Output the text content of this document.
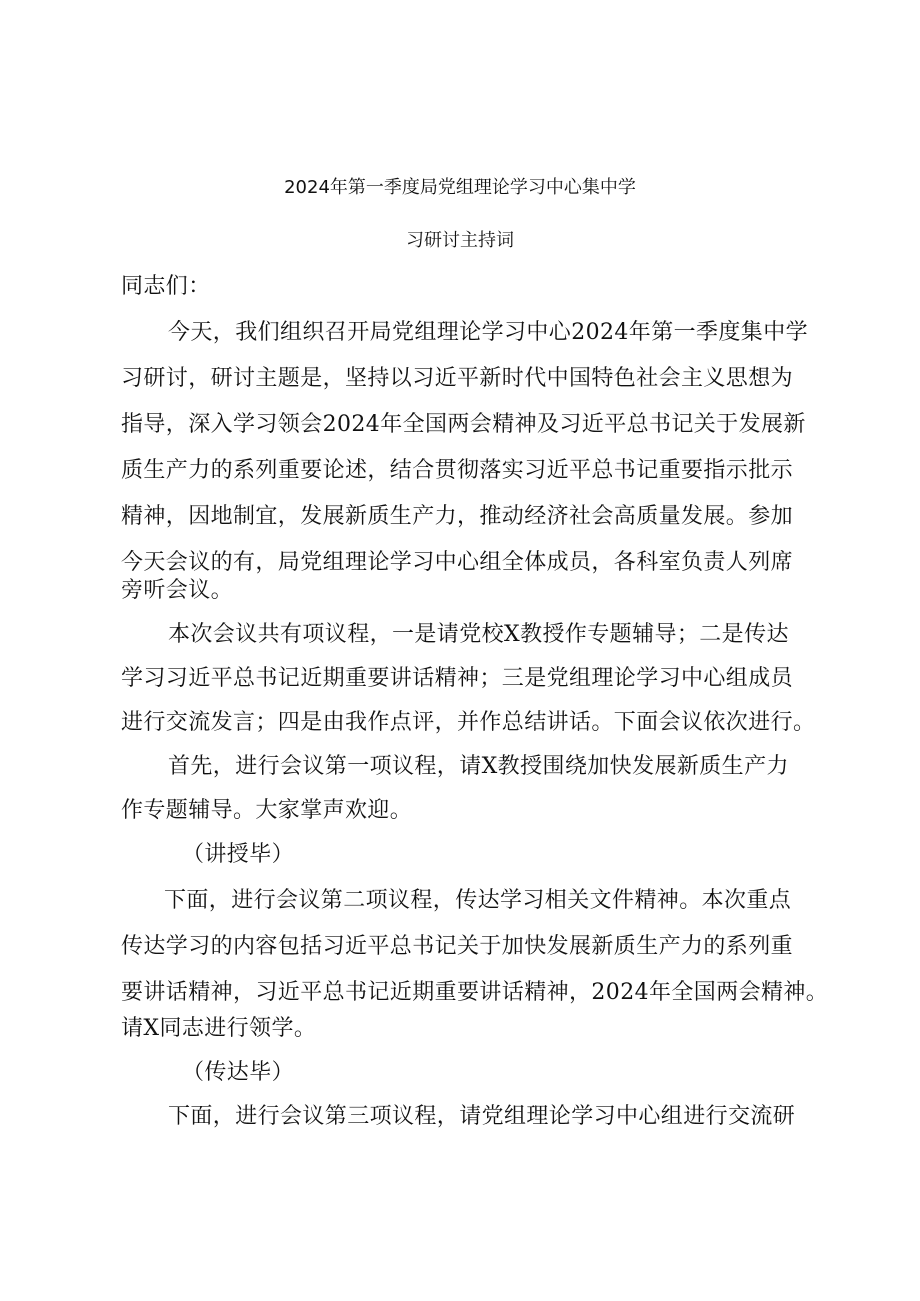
2024年第一季度局党组理论学习中心集中学
习研讨主持词

同志们：

今天，我们组织召开局党组理论学习中心2024年第一季度集中学

习研讨，研讨主题是，坚持以习近平新时代中国特色社会主义思想为

指导，深入学习领会2024年全国两会精神及习近平总书记关于发展新

质生产力的系列重要论述，结合贯彻落实习近平总书记重要指示批示

精神，因地制宜，发展新质生产力，推动经济社会高质量发展。参加

今天会议的有，局党组理论学习中心组全体成员，各科室负责人列席

旁听会议。

本次会议共有项议程，一是请党校X教授作专题辅导；二是传达

学习习近平总书记近期重要讲话精神；三是党组理论学习中心组成员

进行交流发言；四是由我作点评，并作总结讲话。下面会议依次进行。

首先，进行会议第一项议程，请X教授围绕加快发展新质生产力

作专题辅导。大家掌声欢迎。

（讲授毕）

下面，进行会议第二项议程，传达学习相关文件精神。本次重点

传达学习的内容包括习近平总书记关于加快发展新质生产力的系列重

要讲话精神，习近平总书记近期重要讲话精神，2024年全国两会精神。

请X同志进行领学。

（传达毕）

下面，进行会议第三项议程，请党组理论学习中心组进行交流研
